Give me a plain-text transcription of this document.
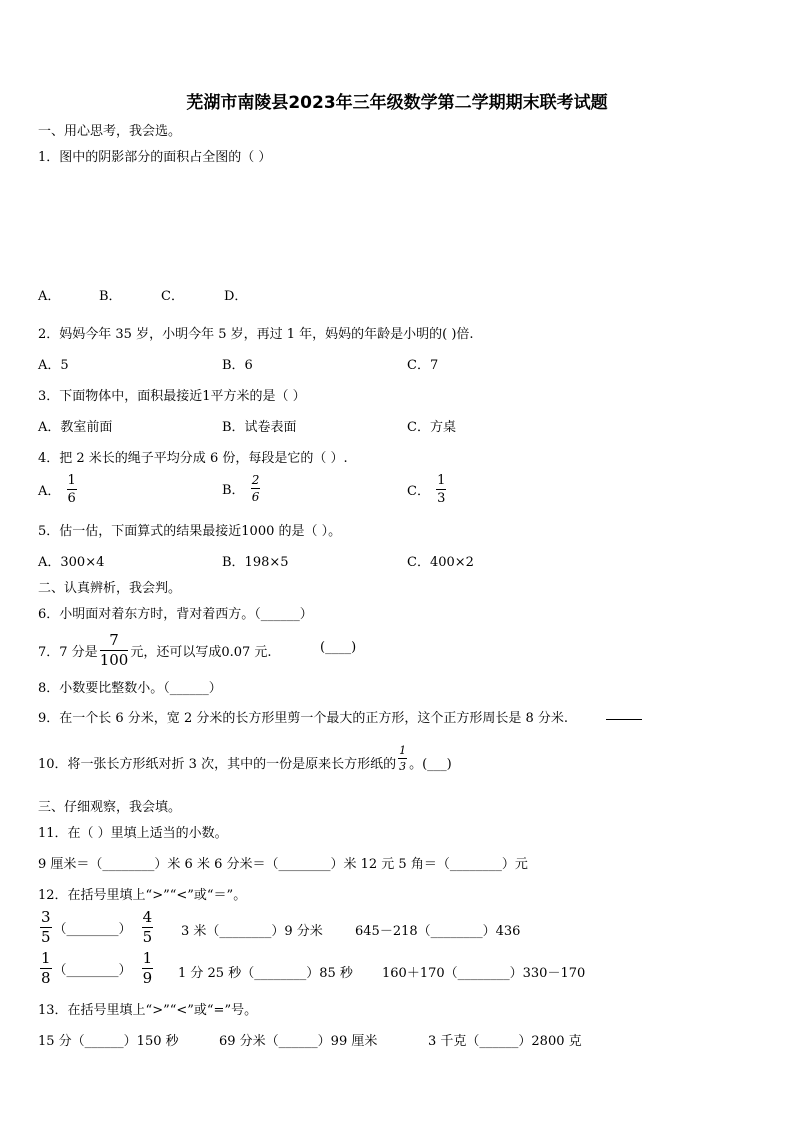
芜湖市南陵县2023年三年级数学第二学期期末联考试题
一、用心思考，我会选。
1．图中的阴影部分的面积占全图的（ ）
A．	B．	C．	D．
2．妈妈今年 35 岁，小明今年 5 岁，再过 1 年，妈妈的年龄是小明的( )倍.
A．5	B．6	C．7
3．下面物体中，面积最接近1平方米的是（ ）
A．教室前面	B．试卷表面	C．方桌
4．把 2 米长的绳子平均分成 6 份，每段是它的（ ）.
A． $\frac{1}{6}$	B． $\frac{2}{6}$	C． $\frac{1}{3}$
5．估一估，下面算式的结果最接近1000 的是（ ）。
A．300×4	B．198×5	C．400×2
二、认真辨析，我会判。
6．小明面对着东方时，背对着西方。（______）
7．7 分是 $\frac{7}{100}$ 元，还可以写成0.07 元.	(____)
8．小数要比整数小。（______）
9．在一个长 6 分米，宽 2 分米的长方形里剪一个最大的正方形，这个正方形周长是 8 分米.
10．将一张长方形纸对折 3 次，其中的一份是原来长方形纸的 $\frac{1}{3}$ 。(___)
三、仔细观察，我会填。
11．在（ ）里填上适当的小数。
9 厘米＝（________）米 6 米 6 分米＝（________）米 12 元 5 角＝（________）元
12．在括号里填上“>”“<”或“＝”。
$\frac{3}{5}$ （________） $\frac{4}{5} 3$ 米（________）9 分米 645－218（________）436
$\frac{1}{8}$ （________） $\frac{1}{9} 1$ 分 25 秒（________）85 秒 160＋170（________）330－170
13．在括号里填上“>”“<”或“=”号。
15 分（______）150 秒	69 分米（______）99 厘米	3 千克（______）2800 克
